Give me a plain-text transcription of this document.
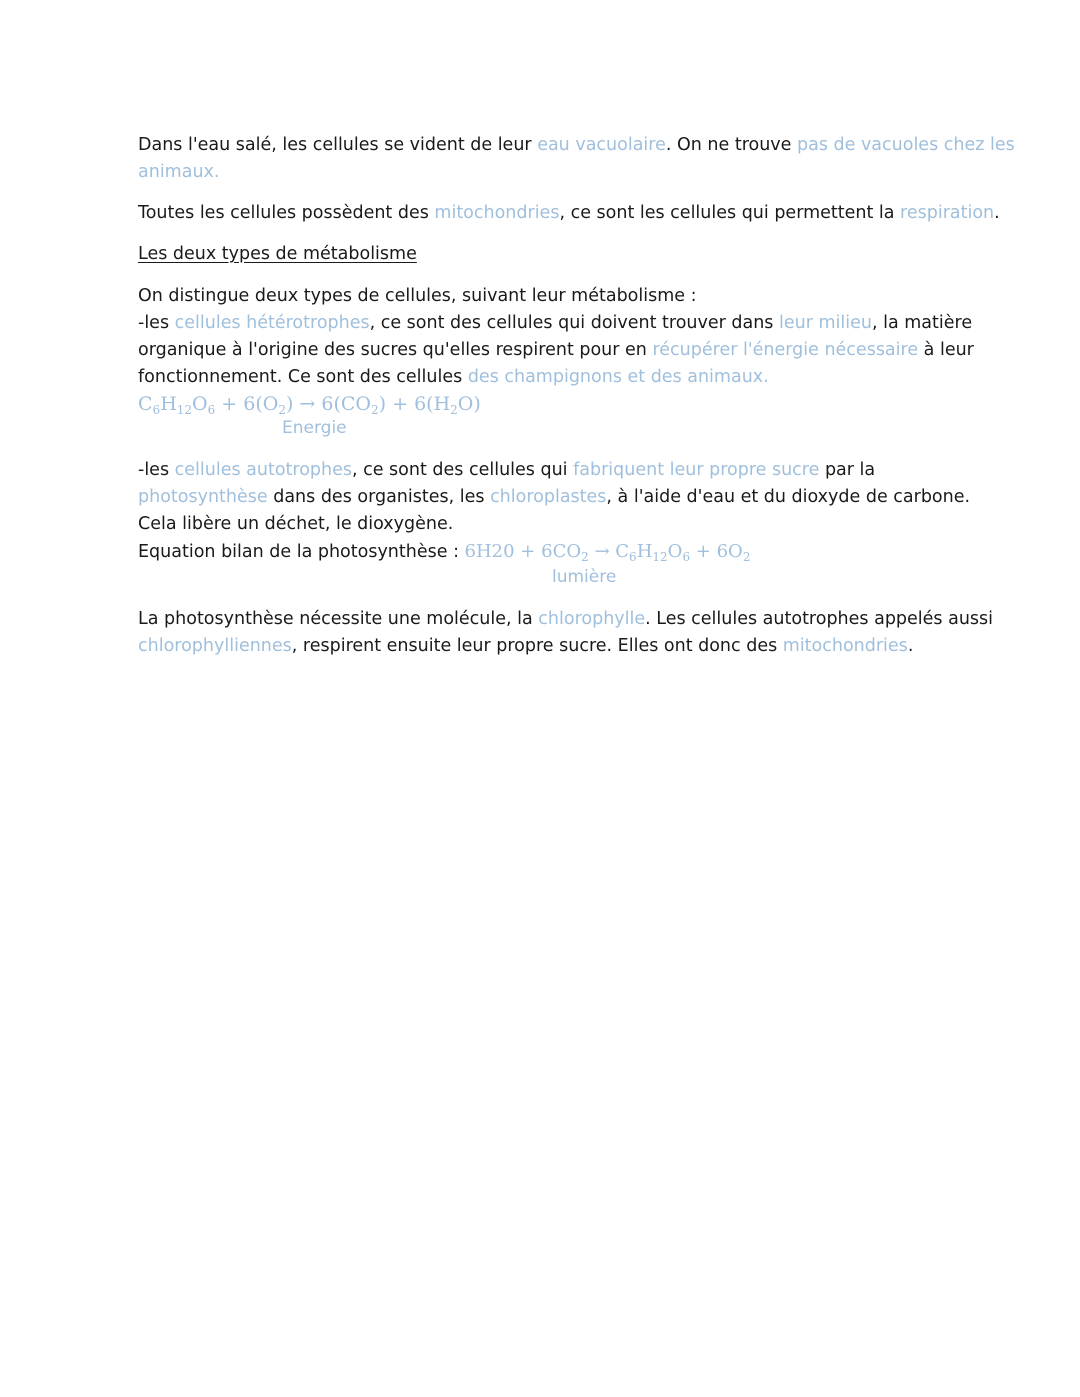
Dans l'eau salé, les cellules se vident de leur eau vacuolaire. On ne trouve pas de vacuoles chez les
animaux.
Toutes les cellules possèdent des mitochondries, ce sont les cellules qui permettent la respiration.
Les deux types de métabolisme
On distingue deux types de cellules, suivant leur métabolisme :
-les cellules hétérotrophes, ce sont des cellules qui doivent trouver dans leur milieu, la matière
organique à l'origine des sucres qu'elles respirent pour en récupérer l'énergie nécessaire à leur
fonctionnement. Ce sont des cellules des champignons et des animaux.
$C_6H_{12}O_6 + 6(O_2) \to 6(CO_2) + 6(H_2O)$
Energie
-les cellules autotrophes, ce sont des cellules qui fabriquent leur propre sucre par la
photosynthèse dans des organistes, les chloroplastes, à l'aide d'eau et du dioxyde de carbone.
Cela libère un déchet, le dioxygène.
Equation bilan de la photosynthèse : $6H20 + 6CO_2 \to C_6H_{12}O_6 + 6O_2$
lumière
La photosynthèse nécessite une molécule, la chlorophylle. Les cellules autotrophes appelés aussi
chlorophylliennes, respirent ensuite leur propre sucre. Elles ont donc des mitochondries.
